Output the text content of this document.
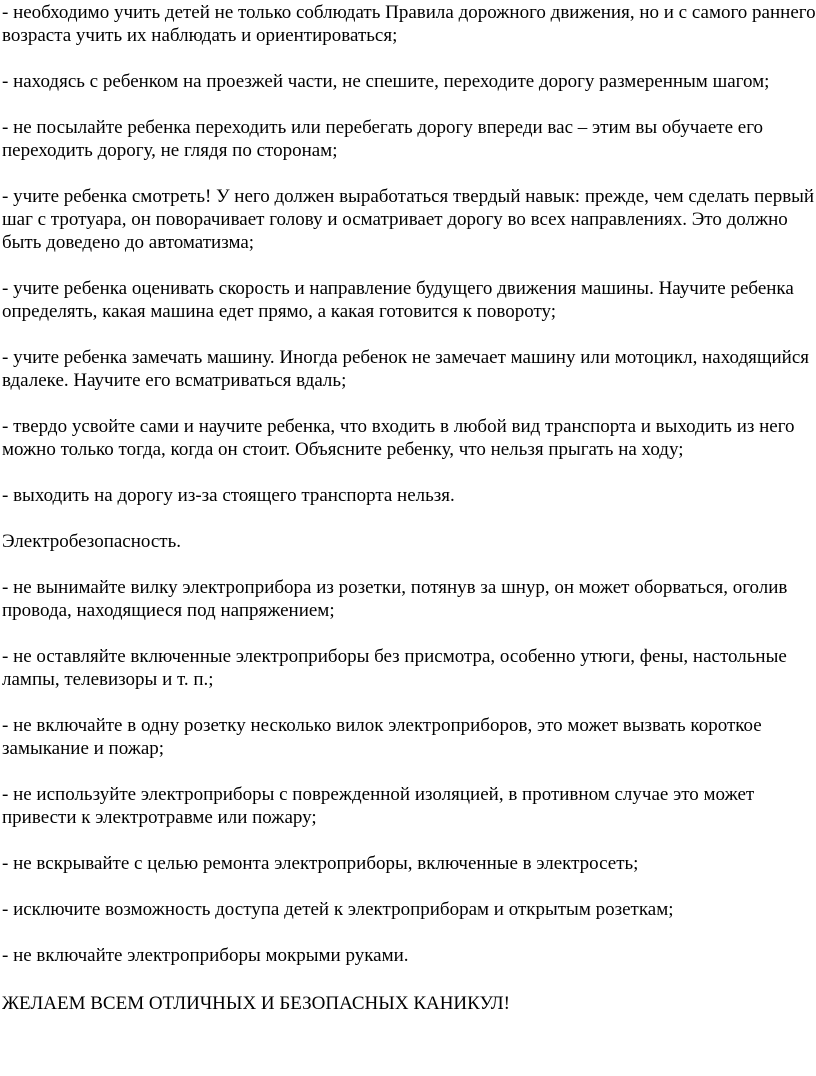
- необходимо учить детей не только соблюдать Правила дорожного движения, но и с самого раннего возраста учить их наблюдать и ориентироваться;

- находясь с ребенком на проезжей части, не спешите, переходите дорогу размеренным шагом;

- не посылайте ребенка переходить или перебегать дорогу впереди вас – этим вы обучаете его переходить дорогу, не глядя по сторонам;

- учите ребенка смотреть! У него должен выработаться твердый навык: прежде, чем сделать первый шаг с тротуара, он поворачивает голову и осматривает дорогу во всех направлениях. Это должно быть доведено до автоматизма;

- учите ребенка оценивать скорость и направление будущего движения машины. Научите ребенка определять, какая машина едет прямо, а какая готовится к повороту;

- учите ребенка замечать машину. Иногда ребенок не замечает машину или мотоцикл, находящийся вдалеке. Научите его всматриваться вдаль;

- твердо усвойте сами и научите ребенка, что входить в любой вид транспорта и выходить из него можно только тогда, когда он стоит. Объясните ребенку, что нельзя прыгать на ходу;

- выходить на дорогу из-за стоящего транспорта нельзя.

Электробезопасность.

- не вынимайте вилку электроприбора из розетки, потянув за шнур, он может оборваться, оголив провода, находящиеся под напряжением;

- не оставляйте включенные электроприборы без присмотра, особенно утюги, фены, настольные лампы, телевизоры и т. п.;

- не включайте в одну розетку несколько вилок электроприборов, это может вызвать короткое замыкание и пожар;

- не используйте электроприборы с поврежденной изоляцией, в противном случае это может привести к электротравме или пожару;

- не вскрывайте с целью ремонта электроприборы, включенные в электросеть;

- исключите возможность доступа детей к электроприборам и открытым розеткам;

- не включайте электроприборы мокрыми руками.

ЖЕЛАЕМ ВСЕМ ОТЛИЧНЫХ И БЕЗОПАСНЫХ КАНИКУЛ!
